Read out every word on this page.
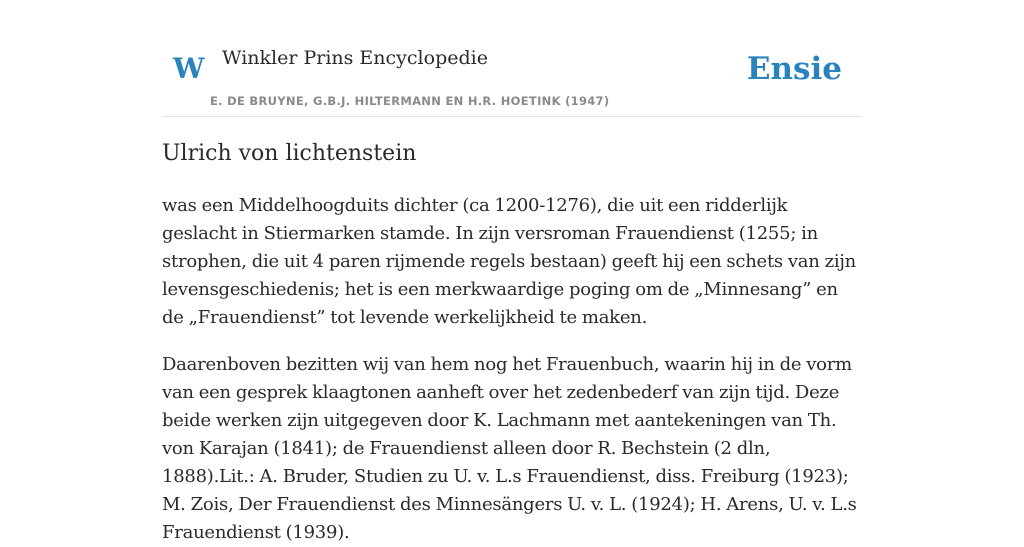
W Winkler Prins Encyclopedie
E. DE BRUYNE, G.B.J. HILTERMANN EN H.R. HOETINK (1947)
Ensie
Ulrich von lichtenstein

was een Middelhoogduits dichter (ca 1200-1276), die uit een ridderlijk geslacht in Stiermarken stamde. In zijn versroman Frauendienst (1255; in strophen, die uit 4 paren rijmende regels bestaan) geeft hij een schets van zijn levensgeschiedenis; het is een merkwaardige poging om de „Minnesang” en de „Frauendienst” tot levende werkelijkheid te maken.

Daarenboven bezitten wij van hem nog het Frauenbuch, waarin hij in de vorm van een gesprek klaagtonen aanheft over het zedenbederf van zijn tijd. Deze beide werken zijn uitgegeven door K. Lachmann met aantekeningen van Th. von Karajan (1841); de Frauendienst alleen door R. Bechstein (2 dln, 1888).Lit.: A. Bruder, Studien zu U. v. L.s Frauendienst, diss. Freiburg (1923); M. Zois, Der Frauendienst des Minnesängers U. v. L. (1924); H. Arens, U. v. L.s Frauendienst (1939).
